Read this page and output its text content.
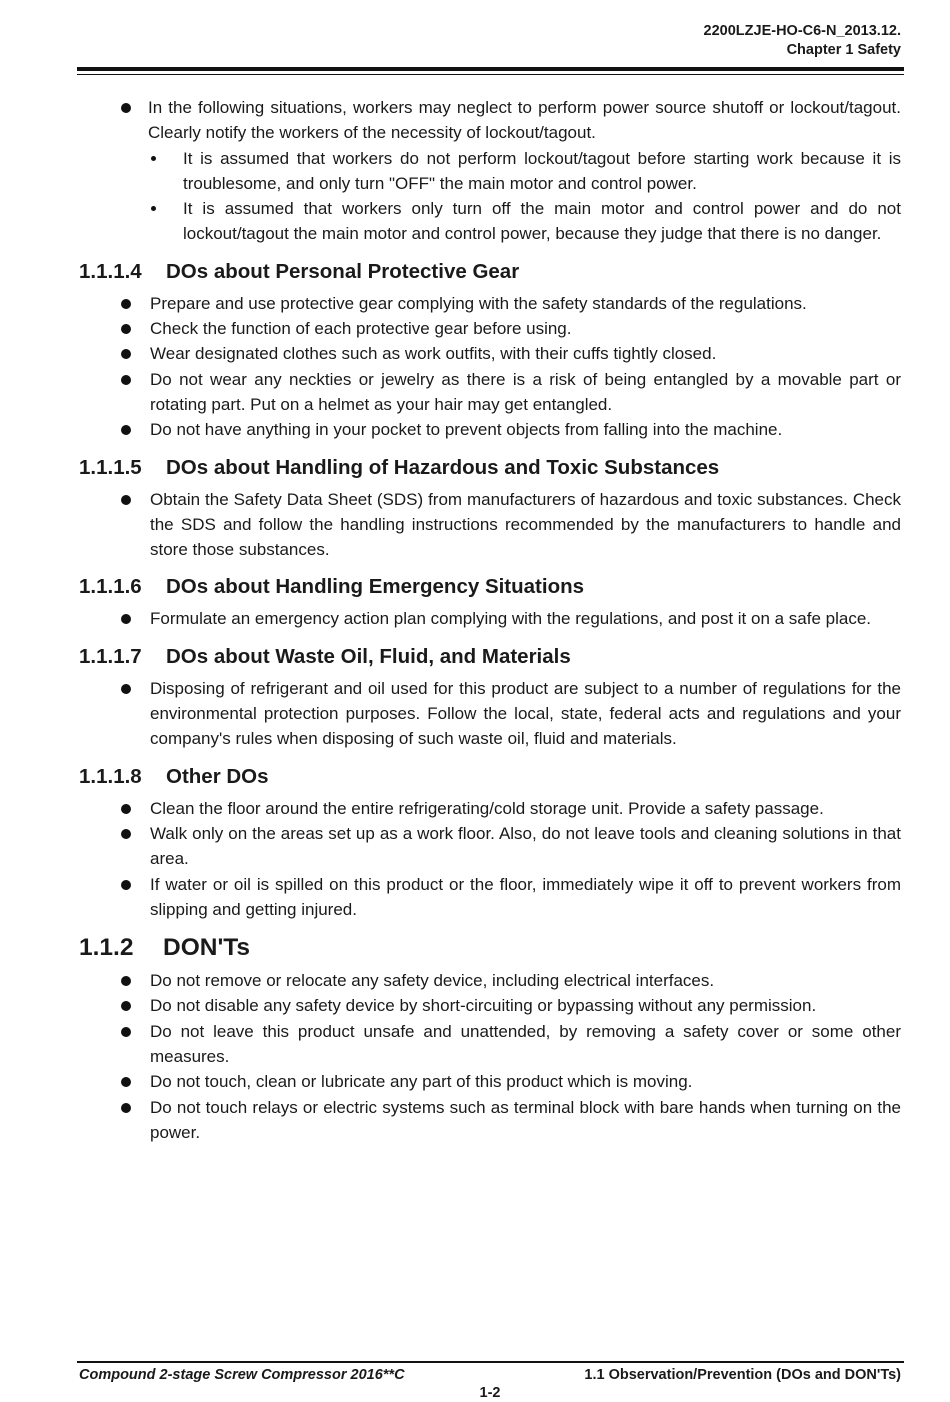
2200LZJE-HO-C6-N_2013.12.
Chapter 1 Safety

In the following situations, workers may neglect to perform power source shutoff or lockout/tagout. Clearly notify the workers of the necessity of lockout/tagout.

It is assumed that workers do not perform lockout/tagout before starting work because it is troublesome, and only turn "OFF" the main motor and control power.

It is assumed that workers only turn off the main motor and control power and do not lockout/tagout the main motor and control power, because they judge that there is no danger.

1.1.1.4 DOs about Personal Protective Gear

Prepare and use protective gear complying with the safety standards of the regulations.

Check the function of each protective gear before using.

Wear designated clothes such as work outfits, with their cuffs tightly closed.

Do not wear any neckties or jewelry as there is a risk of being entangled by a movable part or rotating part. Put on a helmet as your hair may get entangled.

Do not have anything in your pocket to prevent objects from falling into the machine.

1.1.1.5 DOs about Handling of Hazardous and Toxic Substances

Obtain the Safety Data Sheet (SDS) from manufacturers of hazardous and toxic substances. Check the SDS and follow the handling instructions recommended by the manufacturers to handle and store those substances.

1.1.1.6 DOs about Handling Emergency Situations

Formulate an emergency action plan complying with the regulations, and post it on a safe place.

1.1.1.7 DOs about Waste Oil, Fluid, and Materials

Disposing of refrigerant and oil used for this product are subject to a number of regulations for the environmental protection purposes. Follow the local, state, federal acts and regulations and your company's rules when disposing of such waste oil, fluid and materials.

1.1.1.8 Other DOs

Clean the floor around the entire refrigerating/cold storage unit. Provide a safety passage.

Walk only on the areas set up as a work floor. Also, do not leave tools and cleaning solutions in that area.

If water or oil is spilled on this product or the floor, immediately wipe it off to prevent workers from slipping and getting injured.

1.1.2 DON'Ts

Do not remove or relocate any safety device, including electrical interfaces.

Do not disable any safety device by short-circuiting or bypassing without any permission.

Do not leave this product unsafe and unattended, by removing a safety cover or some other measures.

Do not touch, clean or lubricate any part of this product which is moving.

Do not touch relays or electric systems such as terminal block with bare hands when turning on the power.

Compound 2-stage Screw Compressor 2016**C	1.1 Observation/Prevention (DOs and DON'Ts)
1-2
